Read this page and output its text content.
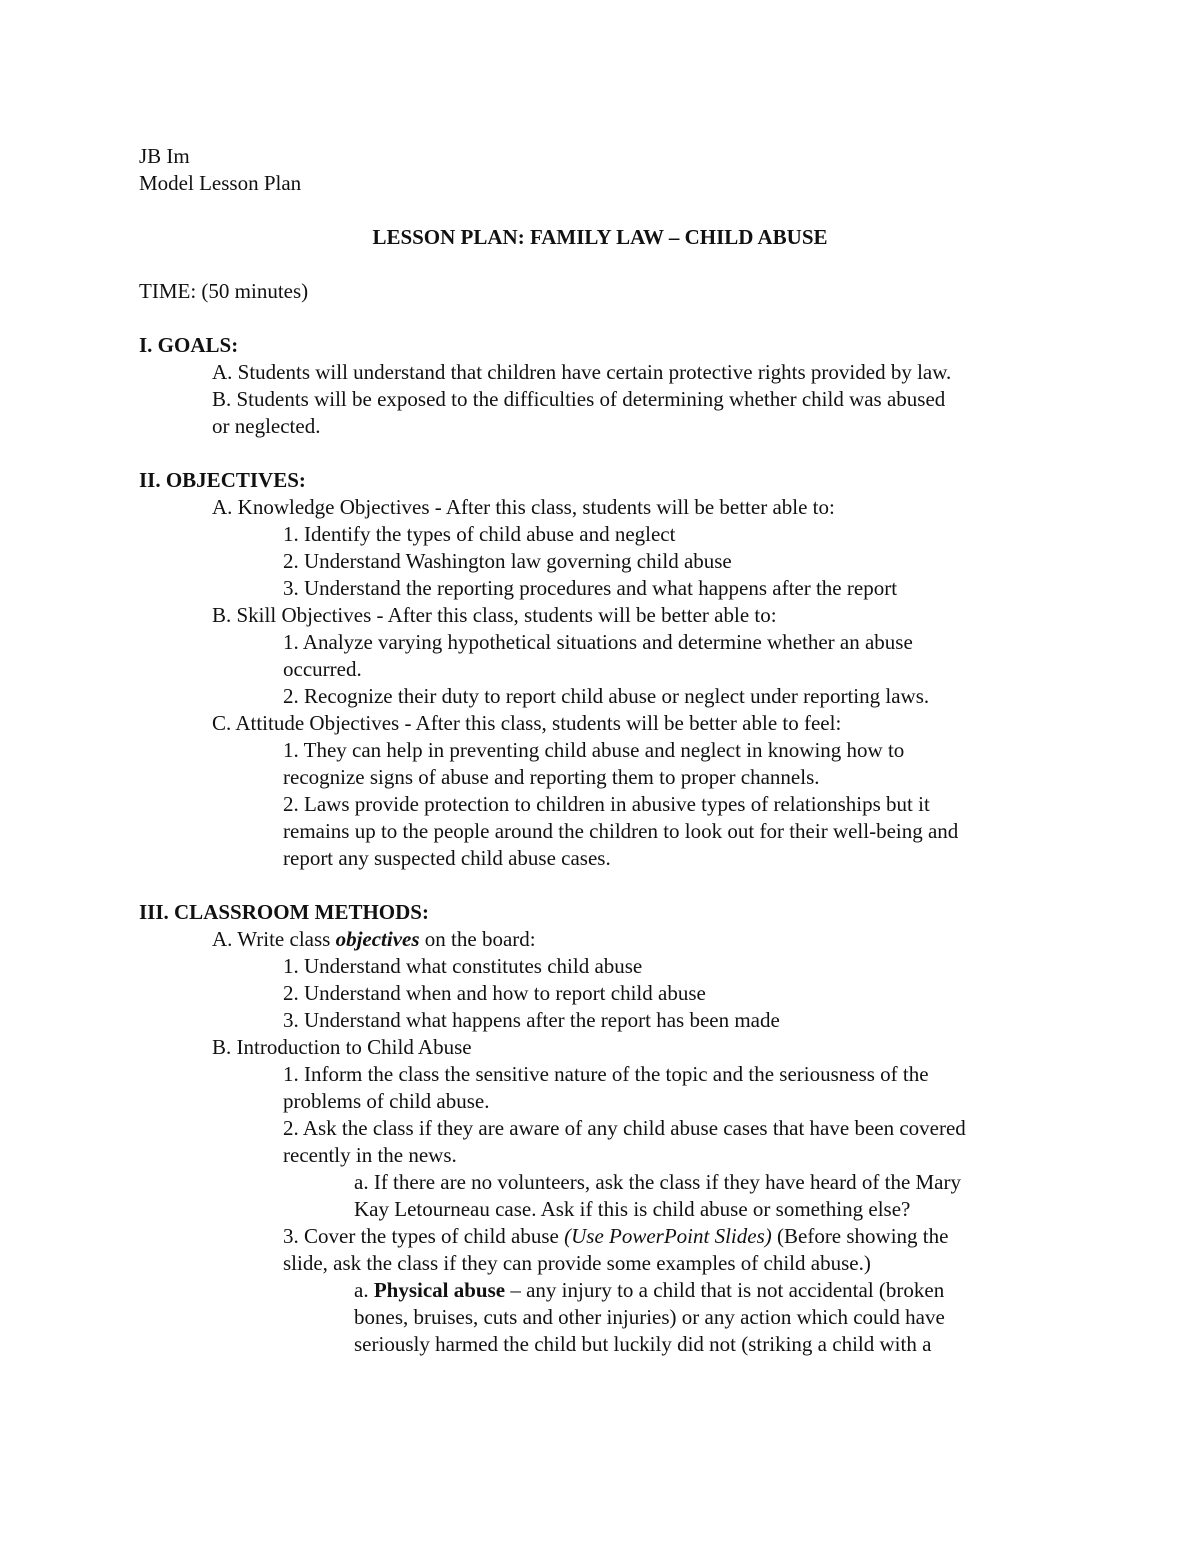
JB Im
Model Lesson Plan
LESSON PLAN: FAMILY LAW – CHILD ABUSE
TIME: (50 minutes)
I. GOALS:
A. Students will understand that children have certain protective rights provided by law.
B. Students will be exposed to the difficulties of determining whether child was abused
or neglected.
II. OBJECTIVES:
A. Knowledge Objectives - After this class, students will be better able to:
1. Identify the types of child abuse and neglect
2. Understand Washington law governing child abuse
3. Understand the reporting procedures and what happens after the report
B. Skill Objectives - After this class, students will be better able to:
1. Analyze varying hypothetical situations and determine whether an abuse
occurred.
2. Recognize their duty to report child abuse or neglect under reporting laws.
C. Attitude Objectives - After this class, students will be better able to feel:
1. They can help in preventing child abuse and neglect in knowing how to
recognize signs of abuse and reporting them to proper channels.
2. Laws provide protection to children in abusive types of relationships but it
remains up to the people around the children to look out for their well-being and
report any suspected child abuse cases.
III. CLASSROOM METHODS:
A. Write class objectives on the board:
1. Understand what constitutes child abuse
2. Understand when and how to report child abuse
3. Understand what happens after the report has been made
B. Introduction to Child Abuse
1. Inform the class the sensitive nature of the topic and the seriousness of the
problems of child abuse.
2. Ask the class if they are aware of any child abuse cases that have been covered
recently in the news.
a. If there are no volunteers, ask the class if they have heard of the Mary
Kay Letourneau case. Ask if this is child abuse or something else?
3. Cover the types of child abuse (Use PowerPoint Slides) (Before showing the
slide, ask the class if they can provide some examples of child abuse.)
a. Physical abuse – any injury to a child that is not accidental (broken
bones, bruises, cuts and other injuries) or any action which could have
seriously harmed the child but luckily did not (striking a child with a
